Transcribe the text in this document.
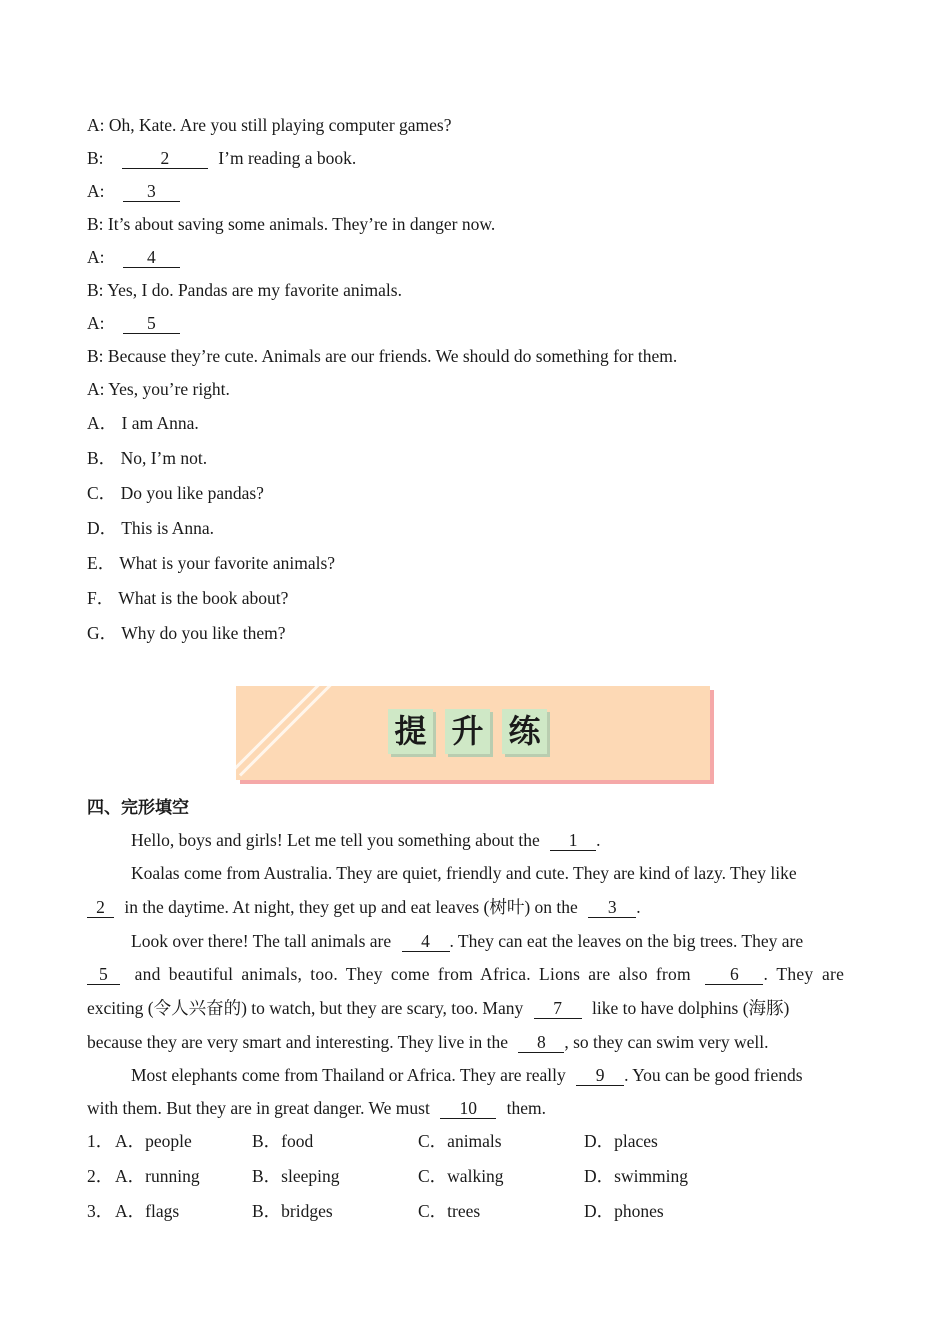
A: Oh, Kate. Are you still playing computer games?
B:	2	I’m reading a book.
A: 3
B: It’s about saving some animals. They’re in danger now.
A: 4
B: Yes, I do. Pandas are my favorite animals.
A: 5
B: Because they’re cute. Animals are our friends. We should do something for them.
A: Yes, you’re right.
A． I am Anna.
B． No, I’m not.
C． Do you like pandas?
D． This is Anna.
E． What is your favorite animals?
F． What is the book about?
G． Why do you like them?
提 升 练
四、完形填空
Hello, boys and girls! Let me tell you something about the 1 .
Koalas come from Australia. They are quiet, friendly and cute. They are kind of lazy. They like
2 in the daytime. At night, they get up and eat leaves (树叶) on the 3 .
Look over there! The tall animals are 4 . They can eat the leaves on the big trees. They are
5 and beautiful animals, too. They come from Africa. Lions are also from 6 . They are
exciting (令人兴奋的) to watch, but they are scary, too. Many 7 like to have dolphins (海豚)
because they are very smart and interesting. They live in the 8 , so they can swim very well.
Most elephants come from Thailand or Africa. They are really 9 . You can be good friends
with them. But they are in great danger. We must 10 them.
1． A．people	B．food	C．animals	D．places
2． A．running	B．sleeping	C．walking	D．swimming
3． A．flags	B．bridges	C．trees	D．phones
